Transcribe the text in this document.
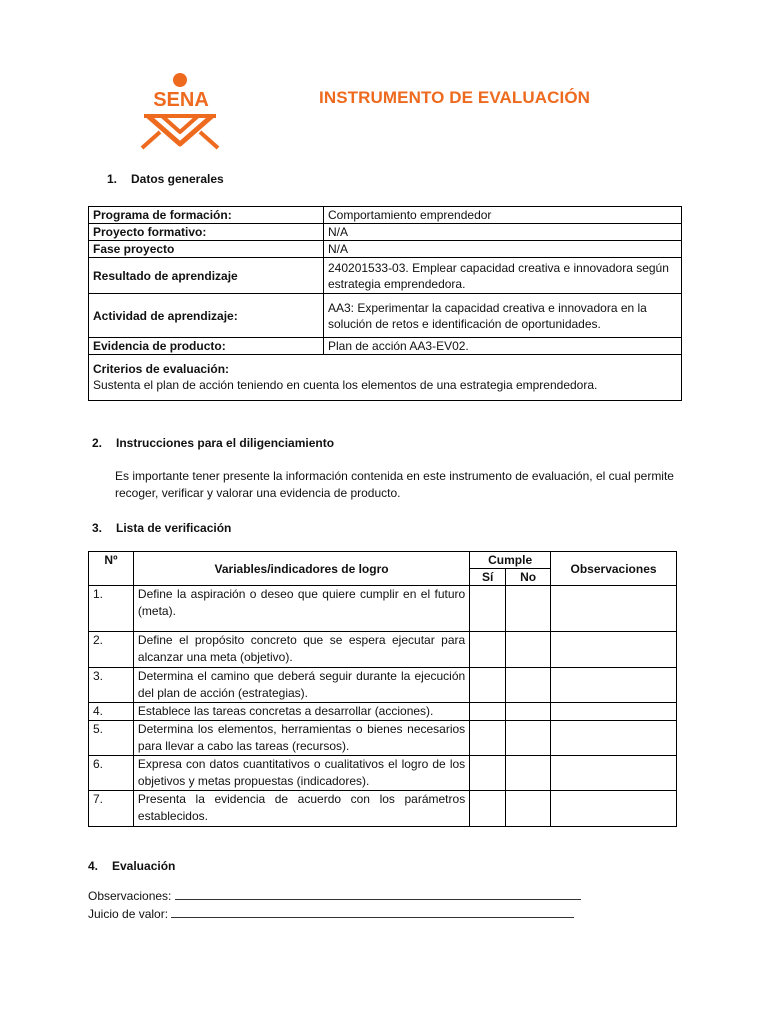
SENA	INSTRUMENTO DE EVALUACIÓN
1. Datos generales
Programa de formación:	Comportamiento emprendedor
Proyecto formativo:	N/A
Fase proyecto	N/A
Resultado de aprendizaje	240201533-03. Emplear capacidad creativa e innovadora según estrategia emprendedora.
Actividad de aprendizaje:	AA3: Experimentar la capacidad creativa e innovadora en la solución de retos e identificación de oportunidades.
Evidencia de producto:	Plan de acción AA3-EV02.

Criterios de evaluación:
Sustenta el plan de acción teniendo en cuenta los elementos de una estrategia emprendedora.	
2. Instrucciones para el diligenciamiento
Es importante tener presente la información contenida en este instrumento de evaluación, el cual permite recoger, verificar y valorar una evidencia de producto.
3. Lista de verificación
Nº	Variables/indicadores de logro	Cumple		Observaciones
		Sí	No	
1.	Define la aspiración o deseo que quiere cumplir en el futuro (meta).			
2.	Define el propósito concreto que se espera ejecutar para alcanzar una meta (objetivo).			
3.	Determina el camino que deberá seguir durante la ejecución del plan de acción (estrategias).			
4.	Establece las tareas concretas a desarrollar (acciones).			
5.	Determina los elementos, herramientas o bienes necesarios para llevar a cabo las tareas (recursos).			
6.	Expresa con datos cuantitativos o cualitativos el logro de los objetivos y metas propuestas (indicadores).			
7.	Presenta la evidencia de acuerdo con los parámetros establecidos.			
4. Evaluación
Observaciones:
Juicio de valor:
